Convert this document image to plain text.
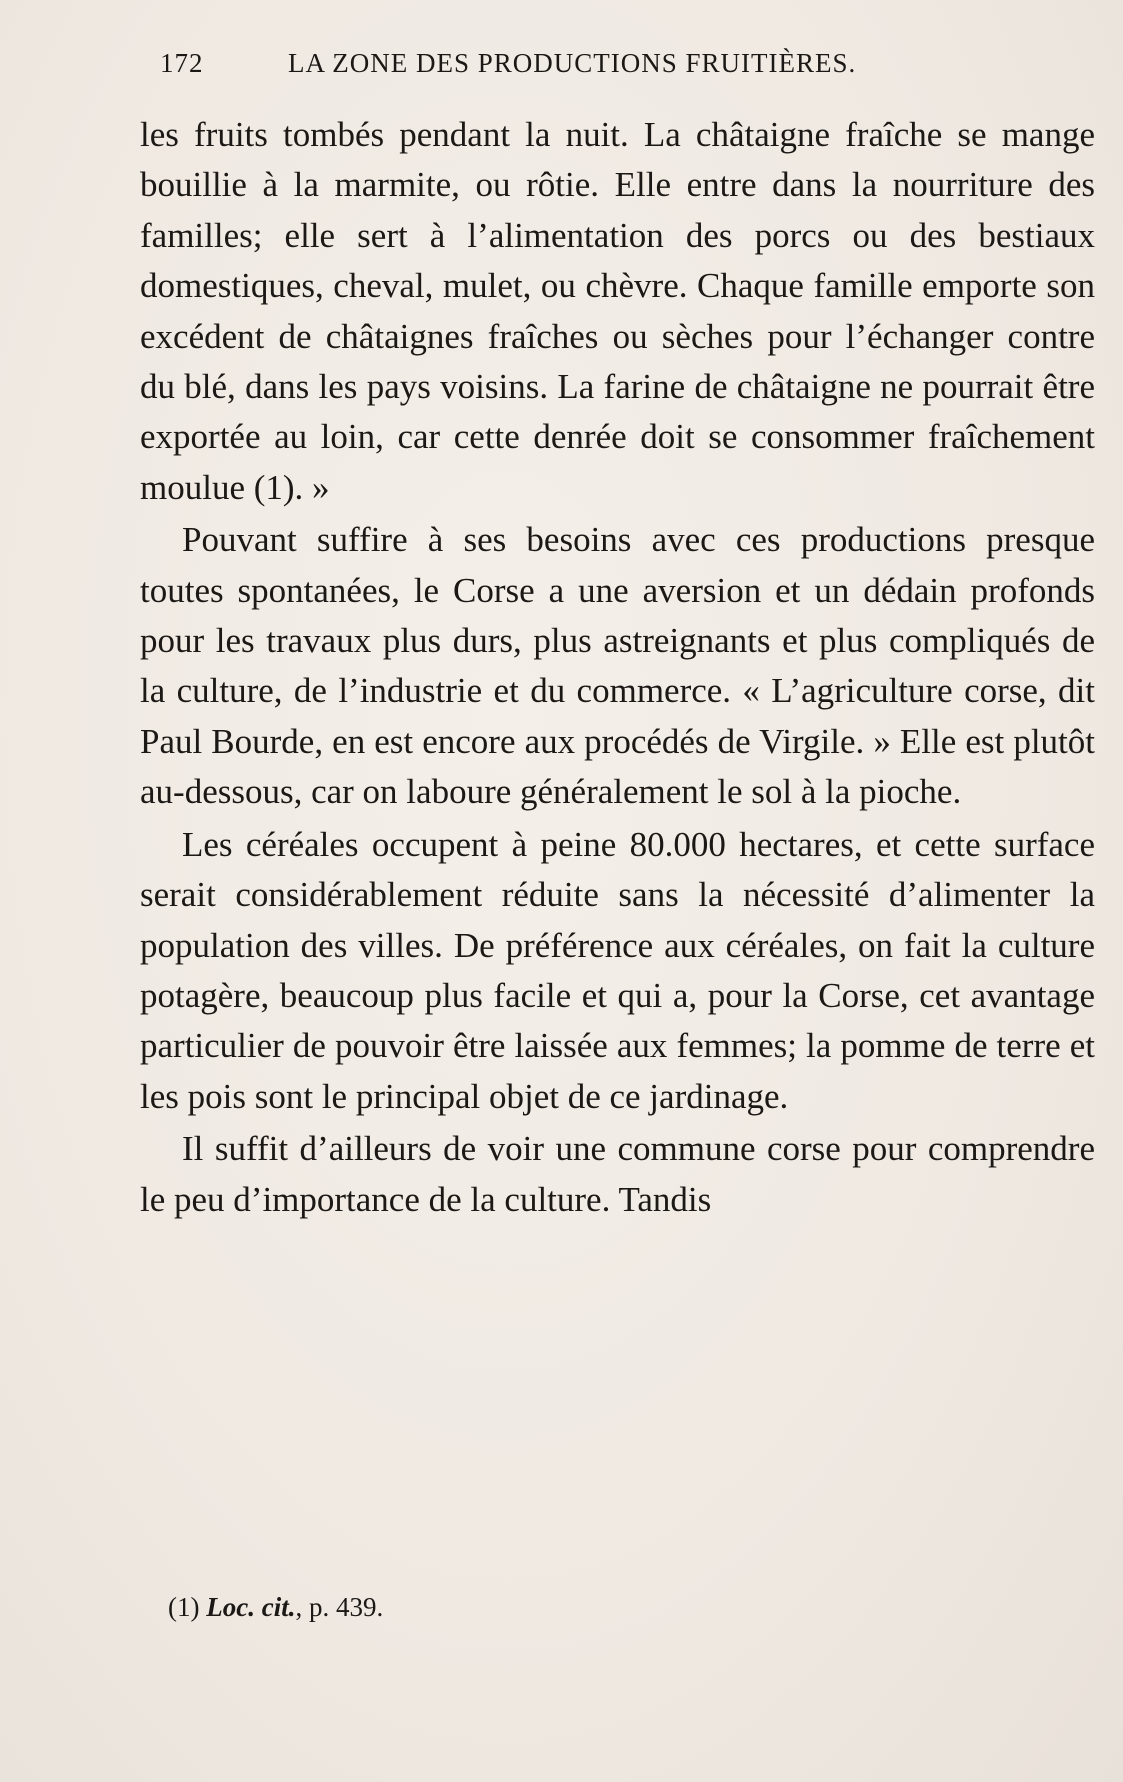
172	LA ZONE DES PRODUCTIONS FRUITIÈRES.

les fruits tombés pendant la nuit. La châtaigne fraîche se mange bouillie à la marmite, ou rôtie. Elle entre dans la nourriture des familles; elle sert à l’alimentation des porcs ou des bestiaux domestiques, cheval, mulet, ou chèvre. Chaque famille emporte son excédent de châtaignes fraîches ou sèches pour l’échanger contre du blé, dans les pays voisins. La farine de châtaigne ne pourrait être exportée au loin, car cette denrée doit se consommer fraîchement moulue (1). »

Pouvant suffire à ses besoins avec ces productions presque toutes spontanées, le Corse a une aversion et un dédain profonds pour les travaux plus durs, plus astreignants et plus compliqués de la culture, de l’industrie et du commerce. « L’agriculture corse, dit Paul Bourde, en est encore aux procédés de Virgile. » Elle est plutôt au-dessous, car on laboure généralement le sol à la pioche.

Les céréales occupent à peine 80.000 hectares, et cette surface serait considérablement réduite sans la nécessité d’alimenter la population des villes. De préférence aux céréales, on fait la culture potagère, beaucoup plus facile et qui a, pour la Corse, cet avantage particulier de pouvoir être laissée aux femmes; la pomme de terre et les pois sont le principal objet de ce jardinage.

Il suffit d’ailleurs de voir une commune corse pour comprendre le peu d’importance de la culture. Tandis

(1) Loc. cit., p. 439.
